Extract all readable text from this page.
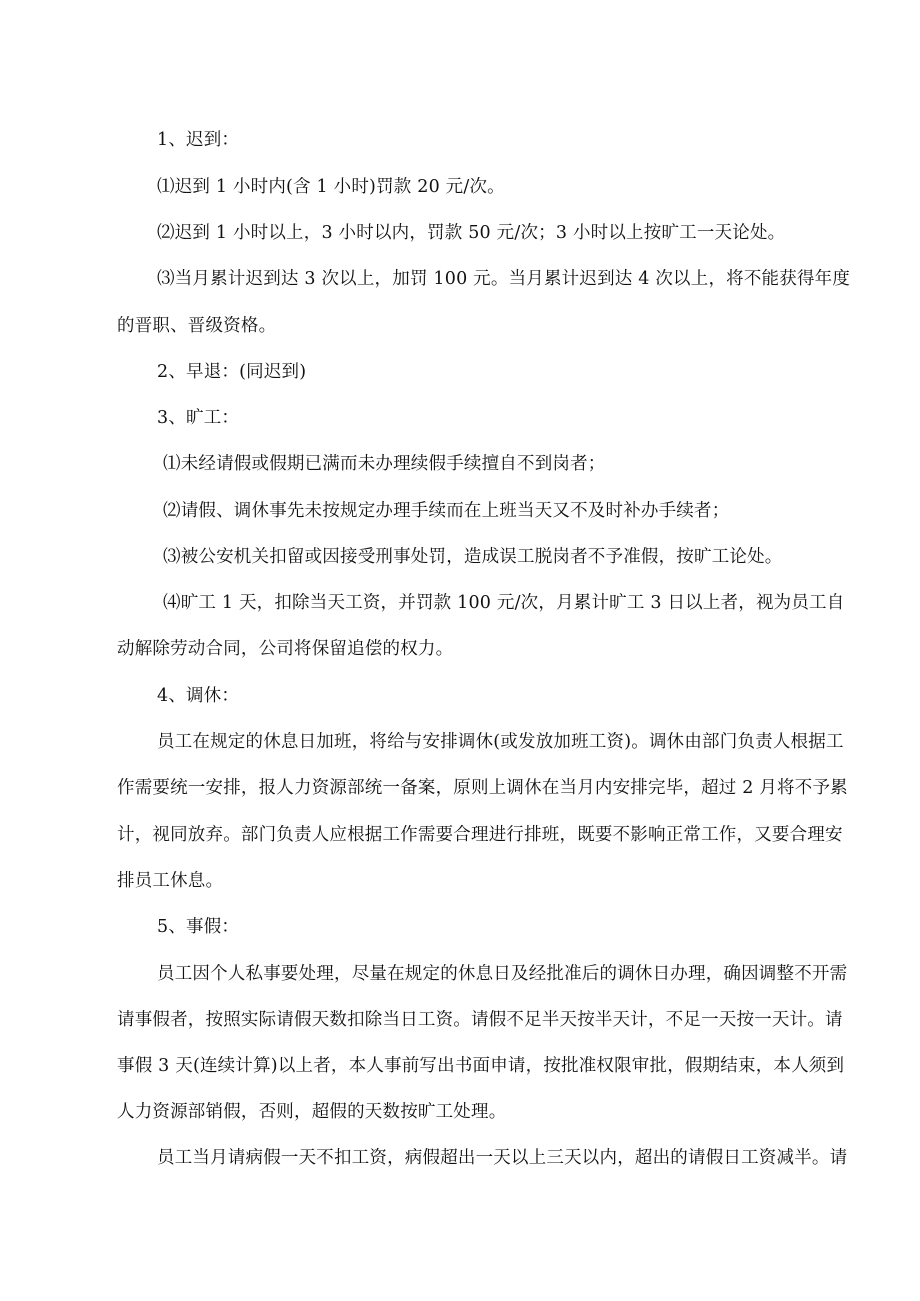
1、迟到：
⑴迟到 1 小时内(含 1 小时)罚款 20 元/次。
⑵迟到 1 小时以上，3 小时以内，罚款 50 元/次；3 小时以上按旷工一天论处。
⑶当月累计迟到达 3 次以上，加罚 100 元。当月累计迟到达 4 次以上，将不能获得年度
的晋职、晋级资格。
2、早退：(同迟到)
3、旷工：
⑴未经请假或假期已满而未办理续假手续擅自不到岗者；
⑵请假、调休事先未按规定办理手续而在上班当天又不及时补办手续者；
⑶被公安机关扣留或因接受刑事处罚，造成误工脱岗者不予准假，按旷工论处。
⑷旷工 1 天，扣除当天工资，并罚款 100 元/次，月累计旷工 3 日以上者，视为员工自
动解除劳动合同，公司将保留追偿的权力。
4、调休：
员工在规定的休息日加班，将给与安排调休(或发放加班工资)。调休由部门负责人根据工
作需要统一安排，报人力资源部统一备案，原则上调休在当月内安排完毕，超过 2 月将不予累
计，视同放弃。部门负责人应根据工作需要合理进行排班，既要不影响正常工作，又要合理安
排员工休息。
5、事假：
员工因个人私事要处理，尽量在规定的休息日及经批准后的调休日办理，确因调整不开需
请事假者，按照实际请假天数扣除当日工资。请假不足半天按半天计，不足一天按一天计。请
事假 3 天(连续计算)以上者，本人事前写出书面申请，按批准权限审批，假期结束，本人须到
人力资源部销假，否则，超假的天数按旷工处理。
员工当月请病假一天不扣工资，病假超出一天以上三天以内，超出的请假日工资减半。请
